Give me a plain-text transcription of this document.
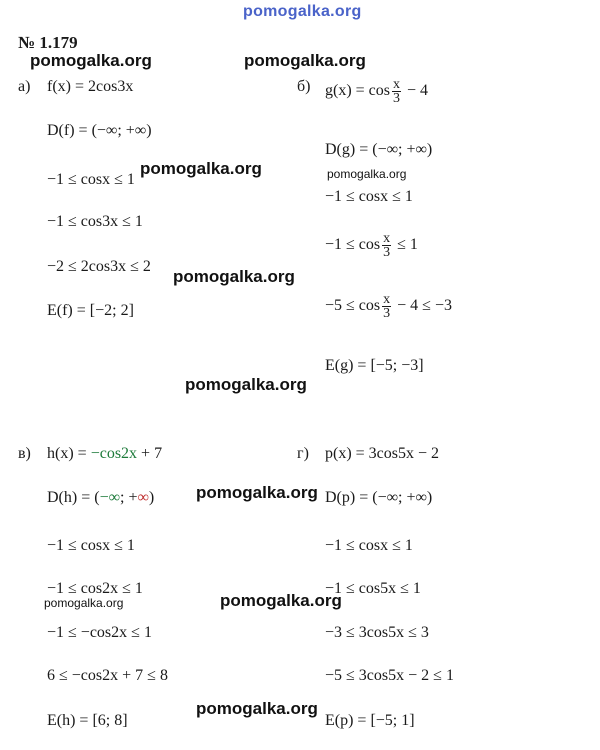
pomogalka.org
№ 1.179
pomogalka.org	pomogalka.org
pomogalka.org	pomogalka.org
pomogalka.org
pomogalka.org
pomogalka.org
pomogalka.org	pomogalka.org
pomogalka.org
а) f(x) = 2cos3x
D(f) = (−∞; +∞)
−1 ≤ cosx ≤ 1
−1 ≤ cos3x ≤ 1
−2 ≤ 2cos3x ≤ 2
E(f) = [−2; 2]
б) $g(x) = \cos \frac{x}{3} - 4$
D(g) = (−∞; +∞)
−1 ≤ cosx ≤ 1
$-1 \le \cos \frac{x}{3} \le 1$
$-5 \le \cos \frac{x}{3} - 4 \le -3$
E(g) = [−5; −3]
в) h(x) = −cos2x + 7
D(h) = (−∞; +∞)
−1 ≤ cosx ≤ 1
−1 ≤ cos2x ≤ 1
−1 ≤ −cos2x ≤ 1
6 ≤ −cos2x + 7 ≤ 8
E(h) = [6; 8]
г) p(x) = 3cos5x − 2
D(p) = (−∞; +∞)
−1 ≤ cosx ≤ 1
−1 ≤ cos5x ≤ 1
−3 ≤ 3cos5x ≤ 3
−5 ≤ 3cos5x − 2 ≤ 1
E(p) = [−5; 1]
